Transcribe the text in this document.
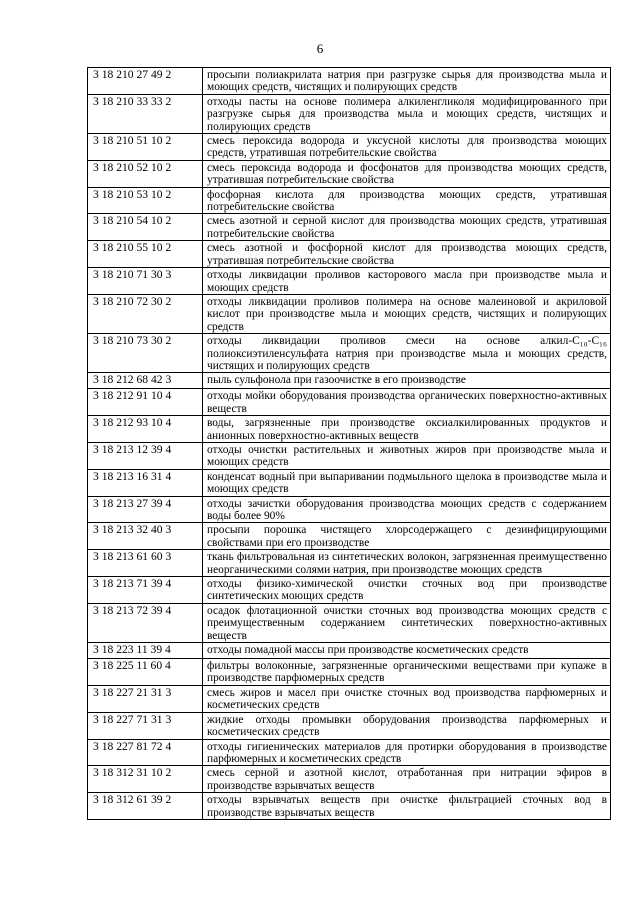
6
3 18 210 27 49 2	просыпи полиакрилата натрия при разгрузке сырья для производства мыла и моющих средств, чистящих и полирующих средств
3 18 210 33 33 2	отходы пасты на основе полимера алкиленгликоля модифицированного при разгрузке сырья для производства мыла и моющих средств, чистящих и полирующих средств
3 18 210 51 10 2	смесь пероксида водорода и уксусной кислоты для производства моющих средств, утратившая потребительские свойства
3 18 210 52 10 2	смесь пероксида водорода и фосфонатов для производства моющих средств, утратившая потребительские свойства
3 18 210 53 10 2	фосфорная кислота для производства моющих средств, утратившая потребительские свойства
3 18 210 54 10 2	смесь азотной и серной кислот для производства моющих средств, утратившая потребительские свойства
3 18 210 55 10 2	смесь азотной и фосфорной кислот для производства моющих средств, утратившая потребительские свойства
3 18 210 71 30 3	отходы ликвидации проливов касторового масла при производстве мыла и моющих средств
3 18 210 72 30 2	отходы ликвидации проливов полимера на основе малеиновой и акриловой кислот при производстве мыла и моющих средств, чистящих и полирующих средств
3 18 210 73 30 2	отходы ликвидации проливов смеси на основе алкил-C₁₀-C₁₆ полиоксиэтиленсульфата натрия при производстве мыла и моющих средств, чистящих и полирующих средств
3 18 212 68 42 3	пыль сульфонола при газоочистке в его производстве
3 18 212 91 10 4	отходы мойки оборудования производства органических поверхностно-активных веществ
3 18 212 93 10 4	воды, загрязненные при производстве оксиалкилированных продуктов и анионных поверхностно-активных веществ
3 18 213 12 39 4	отходы очистки растительных и животных жиров при производстве мыла и моющих средств
3 18 213 16 31 4	конденсат водный при выпаривании подмыльного щелока в производстве мыла и моющих средств
3 18 213 27 39 4	отходы зачистки оборудования производства моющих средств с содержанием воды более 90%
3 18 213 32 40 3	просыпи порошка чистящего хлорсодержащего с дезинфицирующими свойствами при его производстве
3 18 213 61 60 3	ткань фильтровальная из синтетических волокон, загрязненная преимущественно неорганическими солями натрия, при производстве моющих средств
3 18 213 71 39 4	отходы физико-химической очистки сточных вод при производстве синтетических моющих средств
3 18 213 72 39 4	осадок флотационной очистки сточных вод производства моющих средств с преимущественным содержанием синтетических поверхностно-активных веществ
3 18 223 11 39 4	отходы помадной массы при производстве косметических средств
3 18 225 11 60 4	фильтры волоконные, загрязненные органическими веществами при купаже в производстве парфюмерных средств
3 18 227 21 31 3	смесь жиров и масел при очистке сточных вод производства парфюмерных и косметических средств
3 18 227 71 31 3	жидкие отходы промывки оборудования производства парфюмерных и косметических средств
3 18 227 81 72 4	отходы гигиенических материалов для протирки оборудования в производстве парфюмерных и косметических средств
3 18 312 31 10 2	смесь серной и азотной кислот, отработанная при нитрации эфиров в производстве взрывчатых веществ
3 18 312 61 39 2	отходы взрывчатых веществ при очистке фильтрацией сточных вод в производстве взрывчатых веществ
